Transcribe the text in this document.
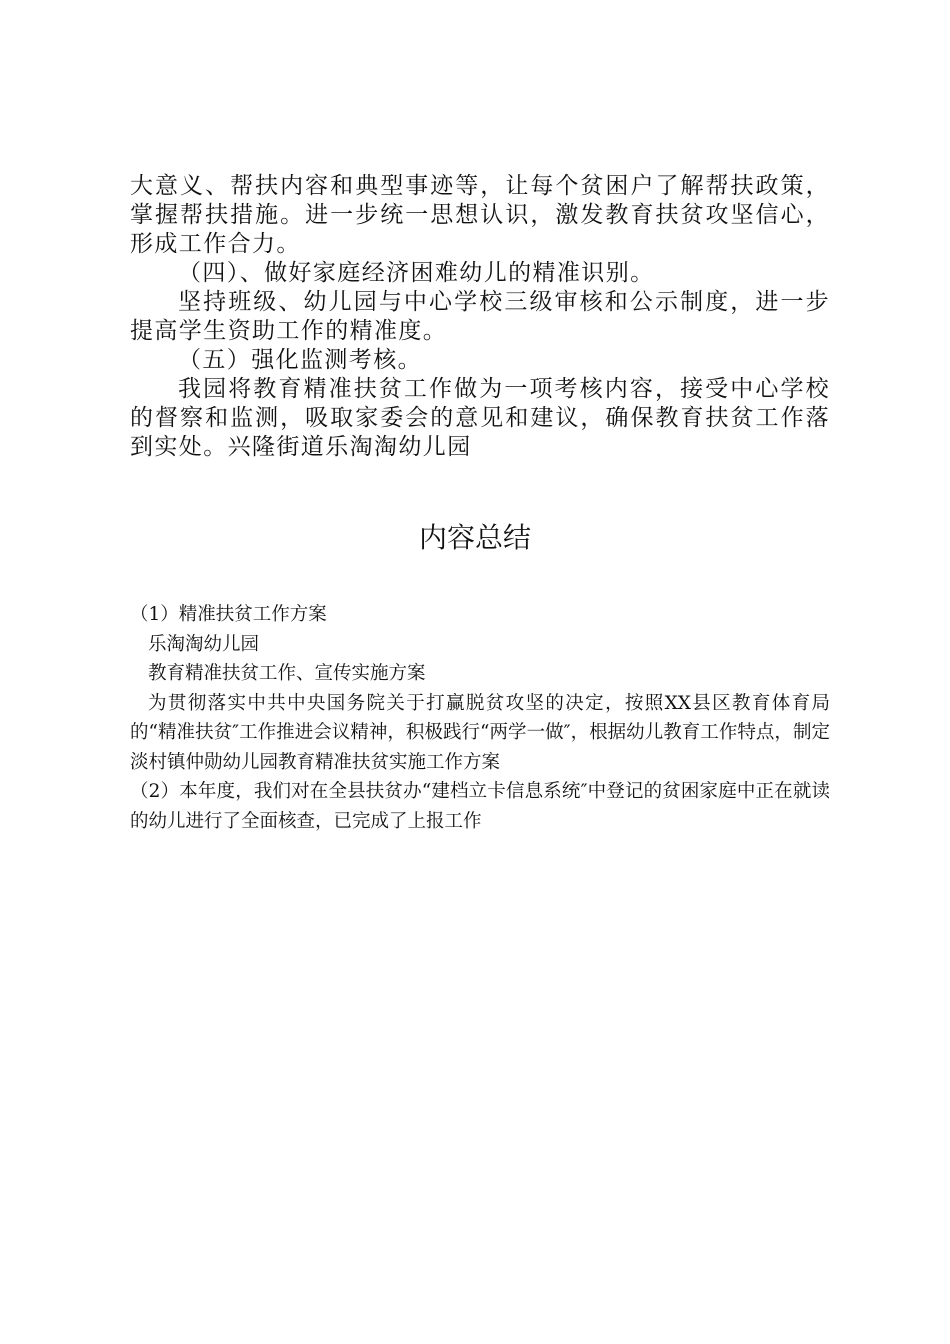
大意义、帮扶内容和典型事迹等，让每个贫困户了解帮扶政策，掌握帮扶措施。进一步统一思想认识，激发教育扶贫攻坚信心，形成工作合力。

（四）、做好家庭经济困难幼儿的精准识别。

坚持班级、幼儿园与中心学校三级审核和公示制度，进一步提高学生资助工作的精准度。

（五）强化监测考核。

我园将教育精准扶贫工作做为一项考核内容，接受中心学校的督察和监测，吸取家委会的意见和建议，确保教育扶贫工作落到实处。兴隆街道乐淘淘幼儿园

内容总结

（1）精准扶贫工作方案

乐淘淘幼儿园

教育精准扶贫工作、宣传实施方案

为贯彻落实中共中央国务院关于打赢脱贫攻坚的决定，按照XX县区教育体育局的“精准扶贫″工作推进会议精神，积极践行“两学一做″，根据幼儿教育工作特点，制定淡村镇仲勋幼儿园教育精准扶贫实施工作方案

（2）本年度，我们对在全县扶贫办“建档立卡信息系统″中登记的贫困家庭中正在就读的幼儿进行了全面核查，已完成了上报工作
